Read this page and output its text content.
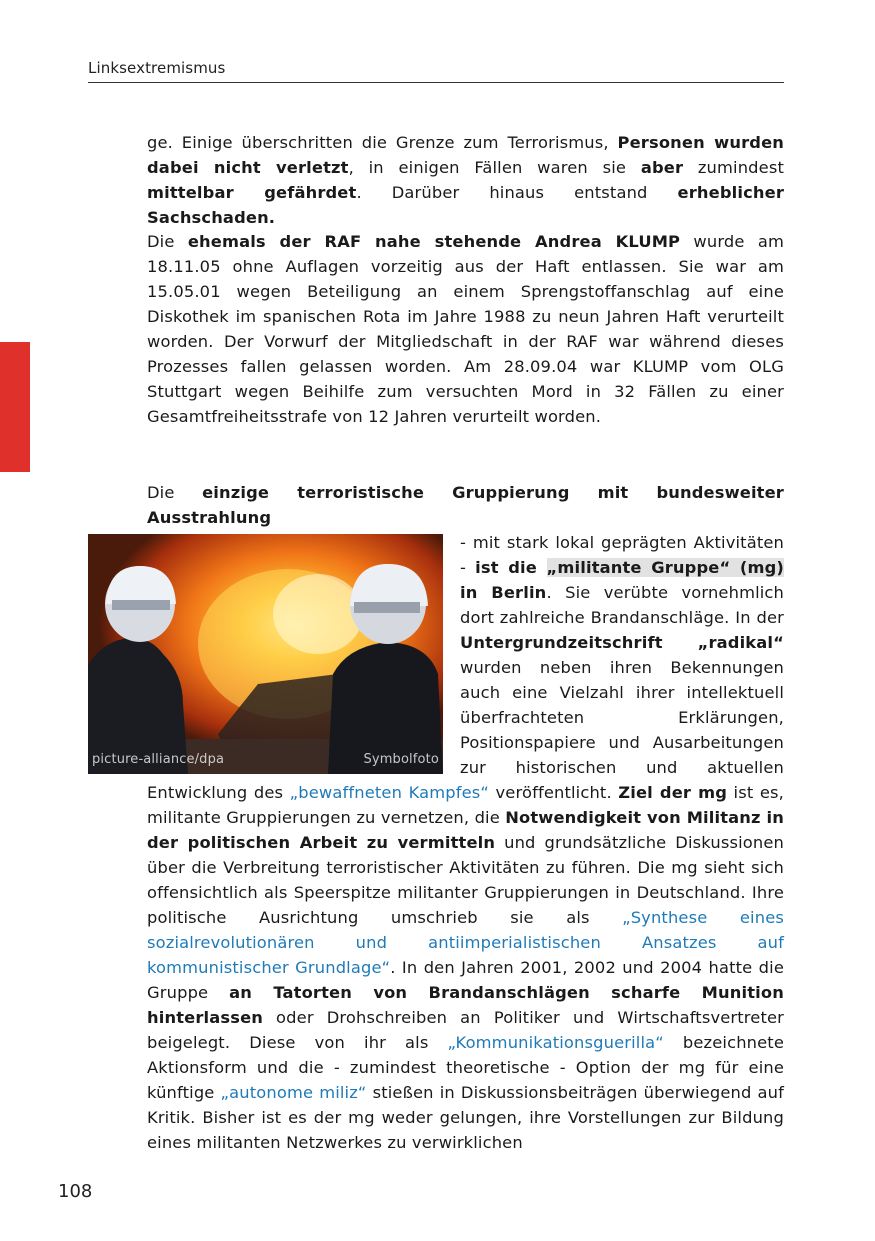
Linksextremismus

ge. Einige überschritten die Grenze zum Terrorismus, Personen wurden dabei nicht verletzt, in einigen Fällen waren sie aber zumindest mittelbar gefährdet. Darüber hinaus entstand erheblicher Sachschaden.

Die ehemals der RAF nahe stehende Andrea KLUMP wurde am 18.11.05 ohne Auflagen vorzeitig aus der Haft entlassen. Sie war am 15.05.01 wegen Beteiligung an einem Sprengstoffanschlag auf eine Diskothek im spanischen Rota im Jahre 1988 zu neun Jahren Haft verurteilt worden. Der Vorwurf der Mitgliedschaft in der RAF war während dieses Prozesses fallen gelassen worden. Am 28.09.04 war KLUMP vom OLG Stuttgart wegen Beihilfe zum versuchten Mord in 32 Fällen zu einer Gesamtfreiheitsstrafe von 12 Jahren verurteilt worden.

Die einzige terroristische Gruppierung mit bundesweiter Ausstrahlung

picture-alliance/dpa	Symbolfoto
- mit stark lokal geprägten Aktivitäten - ist die „militante Gruppe“ (mg) in Berlin. Sie verübte vornehmlich dort zahlreiche Brandanschläge. In der Untergrundzeitschrift „radikal“ wurden neben ihren Bekennungen auch eine Vielzahl ihrer intellektuell überfrachteten Erklärungen, Positionspapiere und Ausarbeitungen zur historischen und aktuellen Entwicklung des „bewaffneten Kampfes“ veröffentlicht. Ziel der mg ist es, militante Gruppierungen zu vernetzen, die Notwendigkeit von Militanz in der politischen Arbeit zu vermitteln und grundsätzliche Diskussionen über die Verbreitung terroristischer Aktivitäten zu führen. Die mg sieht sich offensichtlich als Speerspitze militanter Gruppierungen in Deutschland. Ihre politische Ausrichtung umschrieb sie als „Synthese eines sozialrevolutionären und antiimperialistischen Ansatzes auf kommunistischer Grundlage“. In den Jahren 2001, 2002 und 2004 hatte die Gruppe an Tatorten von Brandanschlägen scharfe Munition hinterlassen oder Drohschreiben an Politiker und Wirtschaftsvertreter beigelegt. Diese von ihr als „Kommunikationsguerilla“ bezeichnete Aktionsform und die - zumindest theoretische - Option der mg für eine künftige „autonome miliz“ stießen in Diskussionsbeiträgen überwiegend auf Kritik. Bisher ist es der mg weder gelungen, ihre Vorstellungen zur Bildung eines militanten Netzwerkes zu verwirklichen
108
